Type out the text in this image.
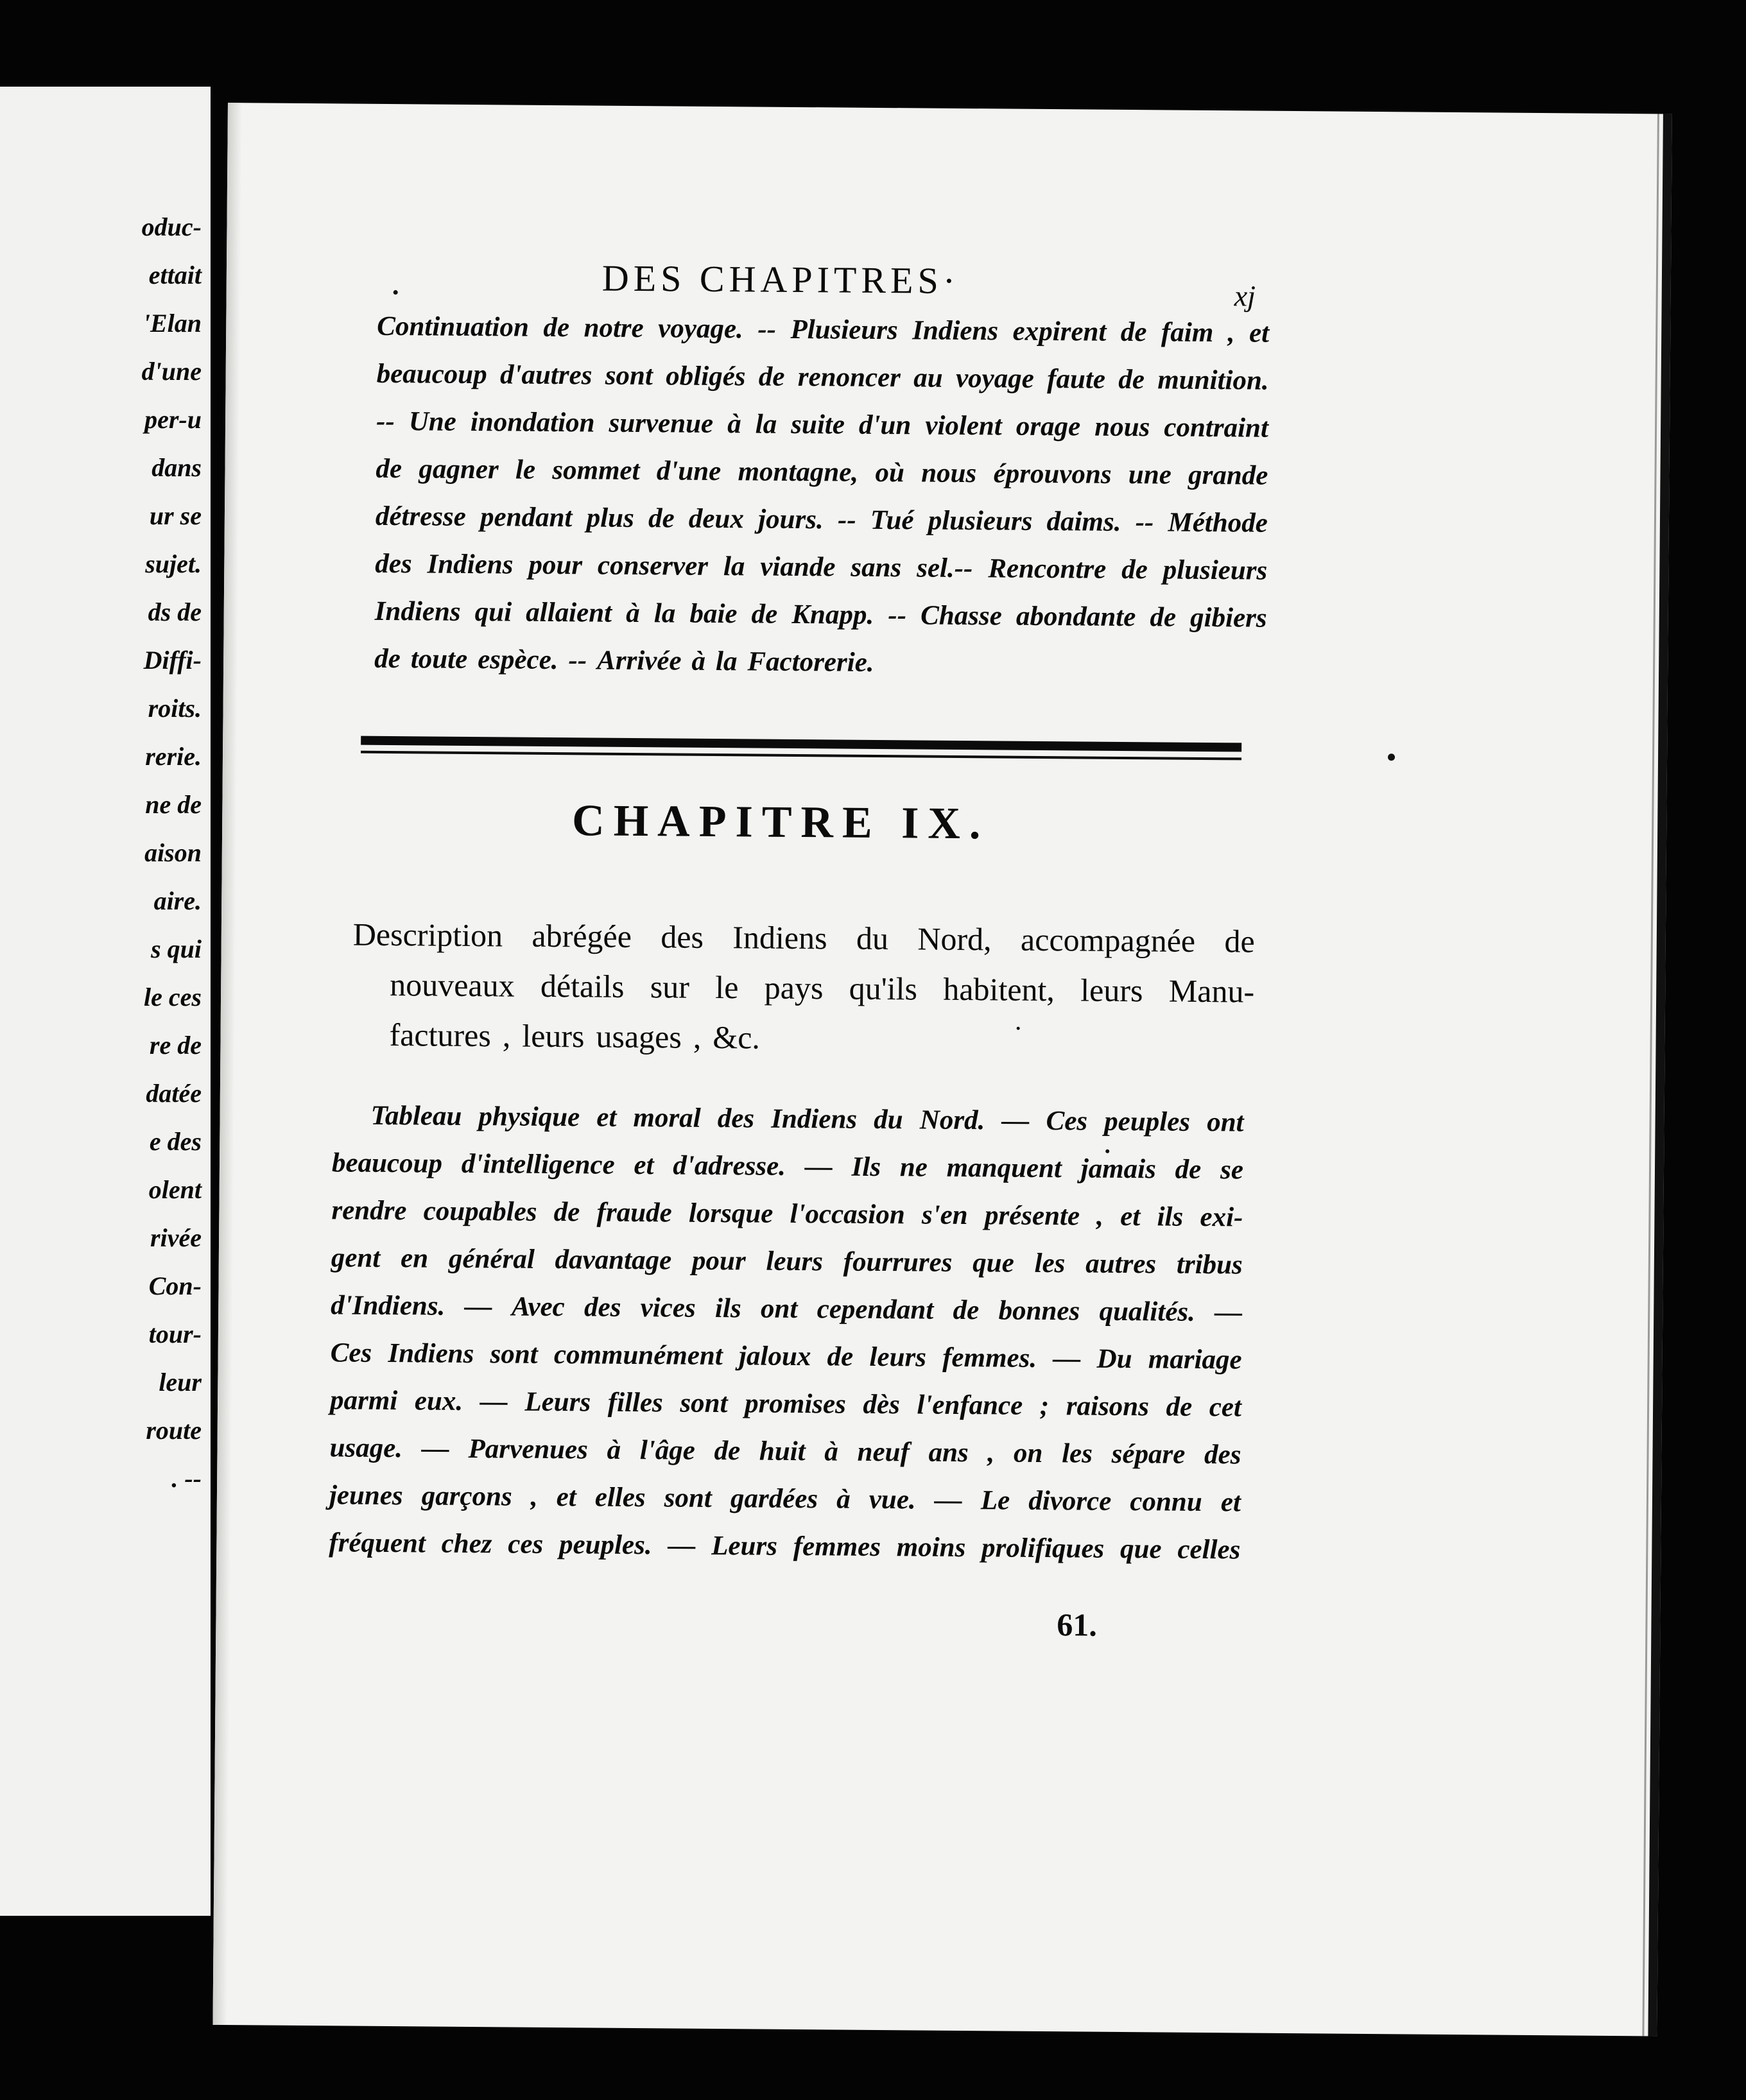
oduc-
ettait
'Elan
d'une
per-u
dans
ur se
sujet.
ds de
Diffi-
roits.
rerie.
ne de
aison
aire.
s qui
le ces
re de
datée
e des
olent
rivée
Con-
tour-
leur
route
. --
DES CHAPITRES·	xj
Continuation de notre voyage. -- Plusieurs Indiens expirent de faim , et
beaucoup d'autres sont obligés de renoncer au voyage faute de munition.
-- Une inondation survenue à la suite d'un violent orage nous contraint
de gagner le sommet d'une montagne, où nous éprouvons une grande
détresse pendant plus de deux jours. -- Tué plusieurs daims. -- Méthode
des Indiens pour conserver la viande sans sel.-- Rencontre de plusieurs
Indiens qui allaient à la baie de Knapp. -- Chasse abondante de gibiers
de toute espèce. -- Arrivée à la Factorerie.
CHAPITRE IX.
Description abrégée des Indiens du Nord, accompagnée de
nouveaux détails sur le pays qu'ils habitent, leurs Manu-
factures , leurs usages , &c.
Tableau physique et moral des Indiens du Nord. — Ces peuples ont
beaucoup d'intelligence et d'adresse. — Ils ne manquent jamais de se
rendre coupables de fraude lorsque l'occasion s'en présente , et ils exi-
gent en général davantage pour leurs fourrures que les autres tribus
d'Indiens. — Avec des vices ils ont cependant de bonnes qualités. —
Ces Indiens sont communément jaloux de leurs femmes. — Du mariage
parmi eux. — Leurs filles sont promises dès l'enfance ; raisons de cet
usage. — Parvenues à l'âge de huit à neuf ans , on les sépare des
jeunes garçons , et elles sont gardées à vue. — Le divorce connu et
fréquent chez ces peuples. — Leurs femmes moins prolifiques que celles
61.
